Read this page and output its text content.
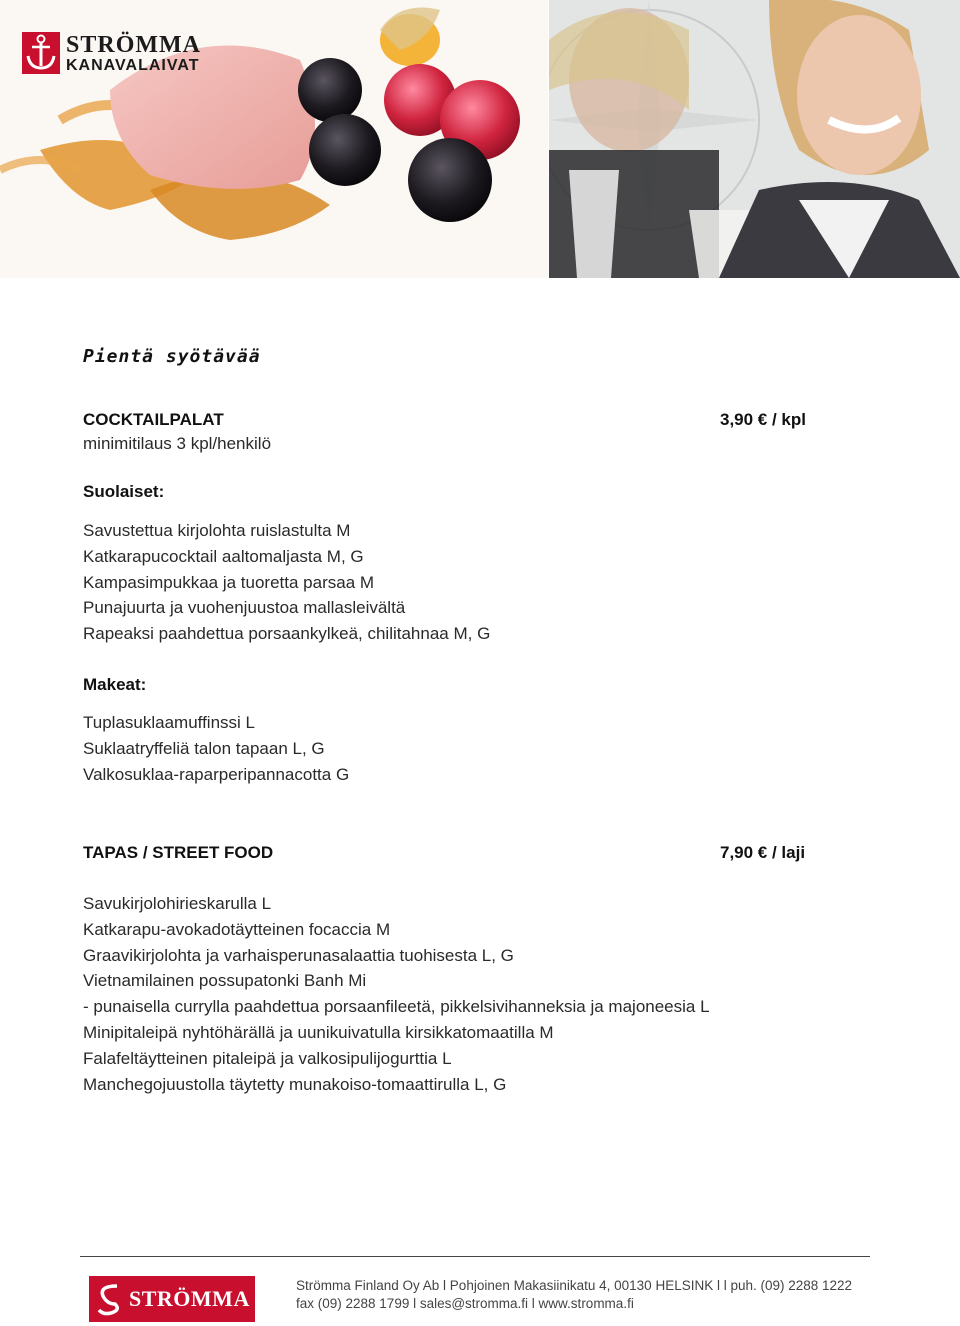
STRÖMMA
KANAVALAIVAT
Pientä syötävää
COCKTAILPALAT	3,90 € / kpl
minimitilaus 3 kpl/henkilö
Suolaiset:
Savustettua kirjolohta ruislastulta M
Katkarapucocktail aaltomaljasta M, G
Kampasimpukkaa ja tuoretta parsaa M
Punajuurta ja vuohenjuustoa mallasleivältä
Rapeaksi paahdettua porsaankylkeä, chilitahnaa M, G
Makeat:
Tuplasuklaamuffinssi L
Suklaatryffeliä talon tapaan L, G
Valkosuklaa-raparperipannacotta G
TAPAS / STREET FOOD	7,90 € / laji
Savukirjolohirieskarulla L
Katkarapu-avokadotäytteinen focaccia M
Graavikirjolohta ja varhaisperunasalaattia tuohisesta L, G
Vietnamilainen possupatonki Banh Mi
- punaisella currylla paahdettua porsaanfileetä, pikkelsivihanneksia ja majoneesia L
Minipitaleipä nyhtöhärällä ja uunikuivatulla kirsikkatomaatilla M
Falafeltäytteinen pitaleipä ja valkosipulijogurttia L
Manchegojuustolla täytetty munakoiso-tomaattirulla L, G
STRÖMMA
Strömma Finland Oy Ab l Pohjoinen Makasiinikatu 4, 00130 HELSINK l l puh. (09) 2288 1222
fax (09) 2288 1799 l sales@stromma.fi l www.stromma.fi
